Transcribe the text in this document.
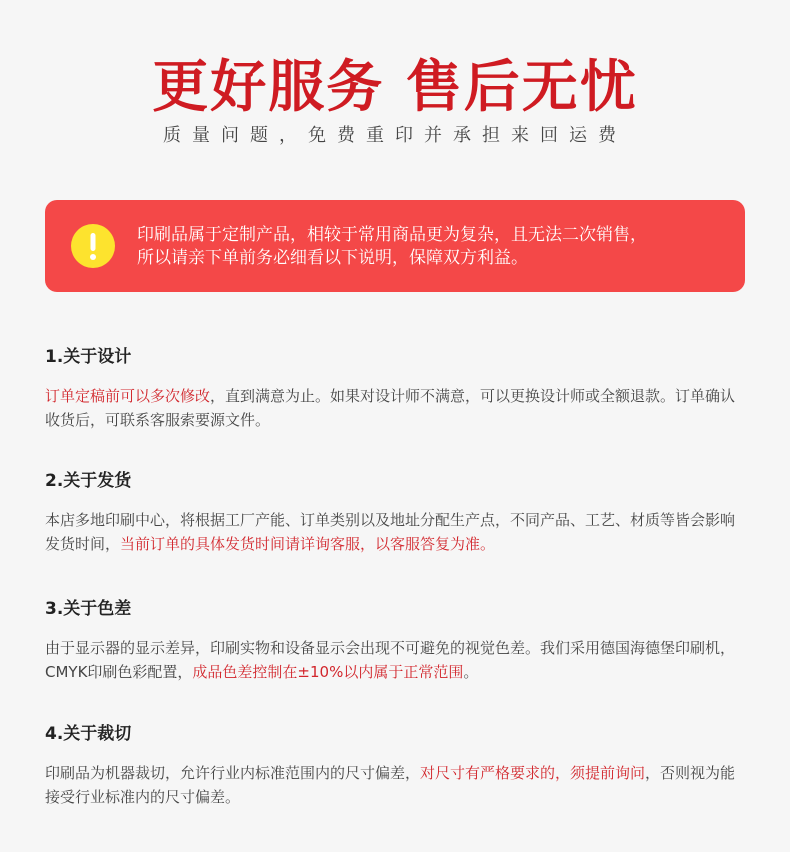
更好服务 售后无忧
质量问题，免费重印并承担来回运费
印刷品属于定制产品，相较于常用商品更为复杂，且无法二次销售，
所以请亲下单前务必细看以下说明，保障双方利益。
1.关于设计
订单定稿前可以多次修改，直到满意为止。如果对设计师不满意，可以更换设计师或全额退款。订单确认收货后，可联系客服索要源文件。
2.关于发货
本店多地印刷中心，将根据工厂产能、订单类别以及地址分配生产点，不同产品、工艺、材质等皆会影响发货时间，当前订单的具体发货时间请详询客服，以客服答复为准。
3.关于色差
由于显示器的显示差异，印刷实物和设备显示会出现不可避免的视觉色差。我们采用德国海德堡印刷机，CMYK印刷色彩配置，成品色差控制在±10%以内属于正常范围。
4.关于裁切
印刷品为机器裁切，允许行业内标准范围内的尺寸偏差，对尺寸有严格要求的，须提前询问，否则视为能接受行业标准内的尺寸偏差。
